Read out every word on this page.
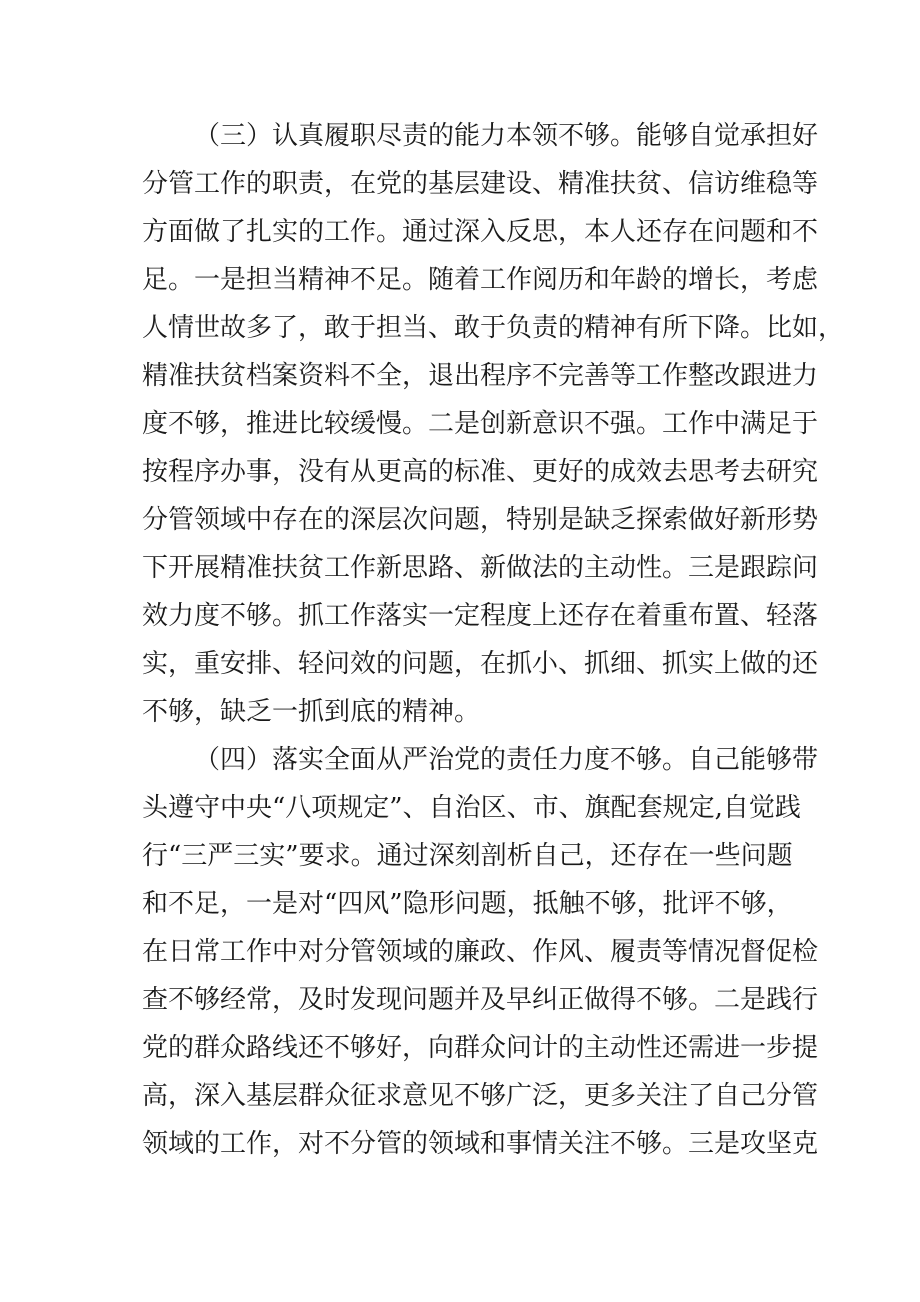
（三）认真履职尽责的能力本领不够。能够自觉承担好
分管工作的职责，在党的基层建设、精准扶贫、信访维稳等
方面做了扎实的工作。通过深入反思，本人还存在问题和不
足。一是担当精神不足。随着工作阅历和年龄的增长，考虑
人情世故多了，敢于担当、敢于负责的精神有所下降。比如，
精准扶贫档案资料不全，退出程序不完善等工作整改跟进力
度不够，推进比较缓慢。二是创新意识不强。工作中满足于
按程序办事，没有从更高的标准、更好的成效去思考去研究
分管领域中存在的深层次问题，特别是缺乏探索做好新形势
下开展精准扶贫工作新思路、新做法的主动性。三是跟踪问
效力度不够。抓工作落实一定程度上还存在着重布置、轻落
实，重安排、轻问效的问题，在抓小、抓细、抓实上做的还
不够，缺乏一抓到底的精神。
（四）落实全面从严治党的责任力度不够。自己能够带
头遵守中央“八项规定”、自治区、市、旗配套规定,自觉践
行“三严三实”要求。通过深刻剖析自己，还存在一些问题
和不足，一是对“四风”隐形问题，抵触不够，批评不够，
在日常工作中对分管领域的廉政、作风、履责等情况督促检
查不够经常，及时发现问题并及早纠正做得不够。二是践行
党的群众路线还不够好，向群众问计的主动性还需进一步提
高，深入基层群众征求意见不够广泛，更多关注了自己分管
领域的工作，对不分管的领域和事情关注不够。三是攻坚克
